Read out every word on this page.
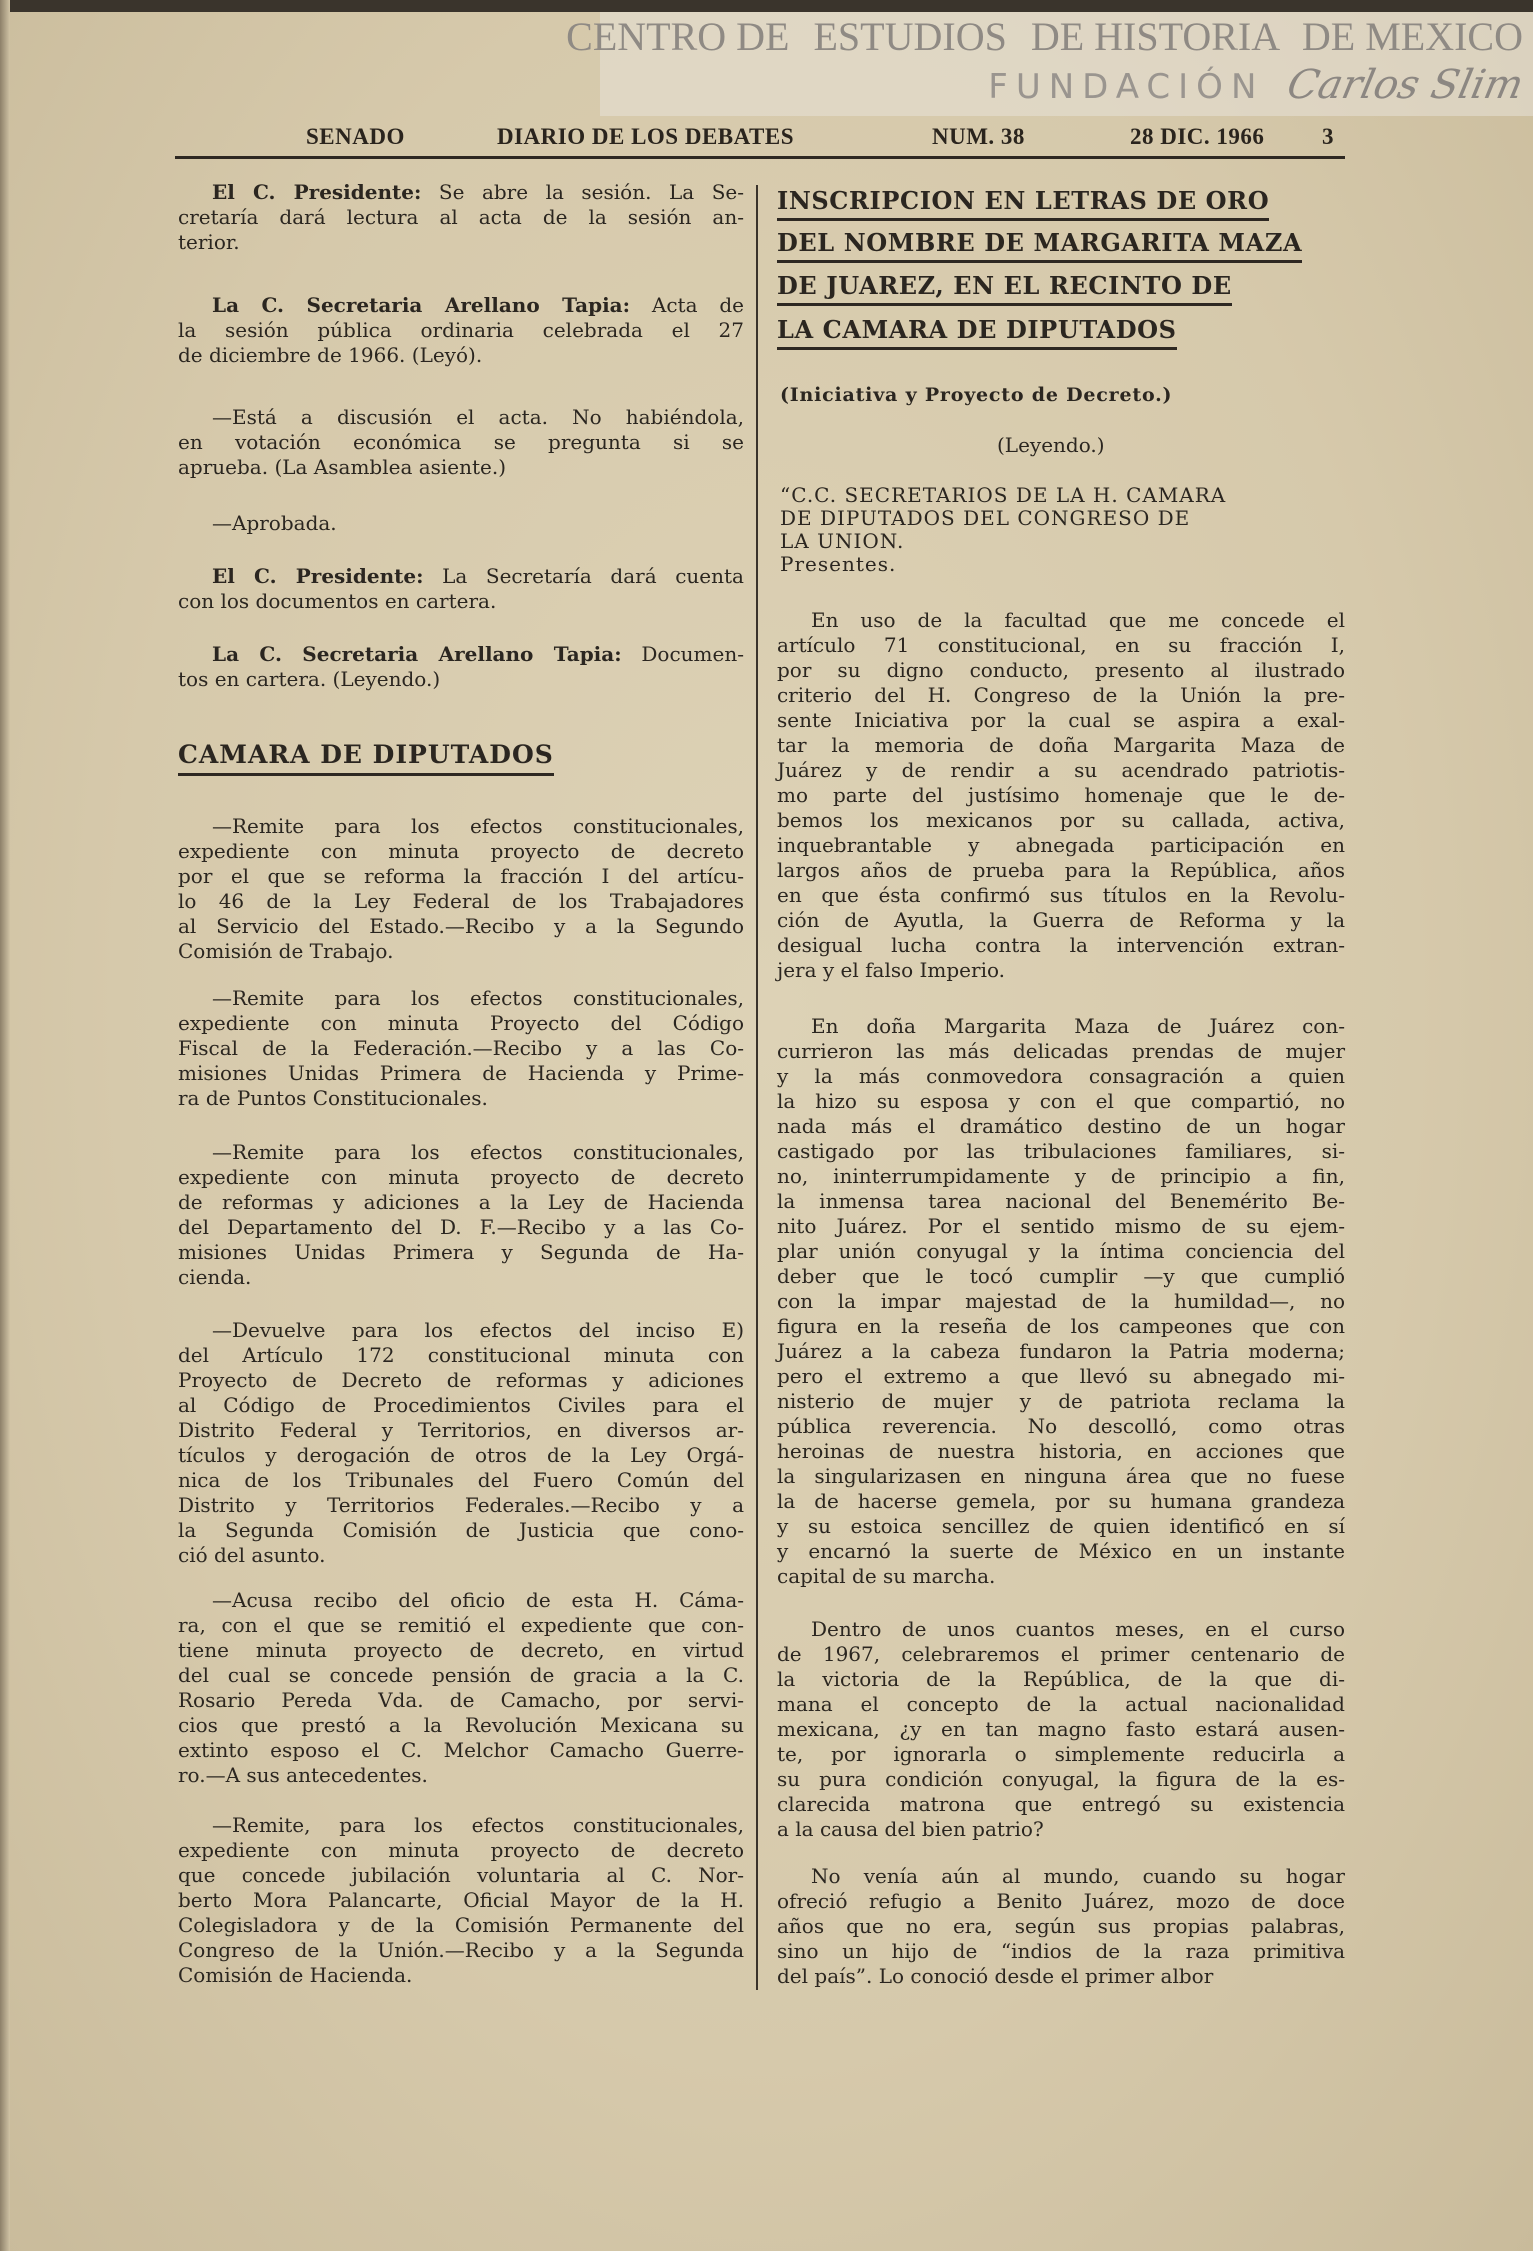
CENTRO DE ESTUDIOS DE HISTORIA DE MEXICO
FUNDACIÓN Carlos Slim
SENADO	DIARIO DE LOS DEBATES	NUM. 38	28 DIC. 1966	3
CAMARA DE DIPUTADOS
El C. Presidente: Se abre la sesión. La Se-
cretaría dará lectura al acta de la sesión an-
terior.
La C. Secretaria Arellano Tapia: Acta de
la sesión pública ordinaria celebrada el 27
de diciembre de 1966. (Leyó).
—Está a discusión el acta. No habiéndola,
en votación económica se pregunta si se
aprueba. (La Asamblea asiente.)
—Aprobada.
El C. Presidente: La Secretaría dará cuenta
con los documentos en cartera.
La C. Secretaria Arellano Tapia: Documen-
tos en cartera. (Leyendo.)
—Remite para los efectos constitucionales,
expediente con minuta proyecto de decreto
por el que se reforma la fracción I del artícu-
lo 46 de la Ley Federal de los Trabajadores
al Servicio del Estado.—Recibo y a la Segundo
Comisión de Trabajo.
—Remite para los efectos constitucionales,
expediente con minuta Proyecto del Código
Fiscal de la Federación.—Recibo y a las Co-
misiones Unidas Primera de Hacienda y Prime-
ra de Puntos Constitucionales.
—Remite para los efectos constitucionales,
expediente con minuta proyecto de decreto
de reformas y adiciones a la Ley de Hacienda
del Departamento del D. F.—Recibo y a las Co-
misiones Unidas Primera y Segunda de Ha-
cienda.
—Devuelve para los efectos del inciso E)
del Artículo 172 constitucional minuta con
Proyecto de Decreto de reformas y adiciones
al Código de Procedimientos Civiles para el
Distrito Federal y Territorios, en diversos ar-
tículos y derogación de otros de la Ley Orgá-
nica de los Tribunales del Fuero Común del
Distrito y Territorios Federales.—Recibo y a
la Segunda Comisión de Justicia que cono-
ció del asunto.
—Acusa recibo del oficio de esta H. Cáma-
ra, con el que se remitió el expediente que con-
tiene minuta proyecto de decreto, en virtud
del cual se concede pensión de gracia a la C.
Rosario Pereda Vda. de Camacho, por servi-
cios que prestó a la Revolución Mexicana su
extinto esposo el C. Melchor Camacho Guerre-
ro.—A sus antecedentes.
—Remite, para los efectos constitucionales,
expediente con minuta proyecto de decreto
que concede jubilación voluntaria al C. Nor-
berto Mora Palancarte, Oficial Mayor de la H.
Colegisladora y de la Comisión Permanente del
Congreso de la Unión.—Recibo y a la Segunda
Comisión de Hacienda.
INSCRIPCION EN LETRAS DE ORO
DEL NOMBRE DE MARGARITA MAZA
DE JUAREZ, EN EL RECINTO DE
LA CAMARA DE DIPUTADOS
(Iniciativa y Proyecto de Decreto.)
(Leyendo.)
“C.C. SECRETARIOS DE LA H. CAMARA
DE DIPUTADOS DEL CONGRESO DE
LA UNION.
Presentes.
En uso de la facultad que me concede el
artículo 71 constitucional, en su fracción I,
por su digno conducto, presento al ilustrado
criterio del H. Congreso de la Unión la pre-
sente Iniciativa por la cual se aspira a exal-
tar la memoria de doña Margarita Maza de
Juárez y de rendir a su acendrado patriotis-
mo parte del justísimo homenaje que le de-
bemos los mexicanos por su callada, activa,
inquebrantable y abnegada participación en
largos años de prueba para la República, años
en que ésta confirmó sus títulos en la Revolu-
ción de Ayutla, la Guerra de Reforma y la
desigual lucha contra la intervención extran-
jera y el falso Imperio.
En doña Margarita Maza de Juárez con-
currieron las más delicadas prendas de mujer
y la más conmovedora consagración a quien
la hizo su esposa y con el que compartió, no
nada más el dramático destino de un hogar
castigado por las tribulaciones familiares, si-
no, ininterrumpidamente y de principio a fin,
la inmensa tarea nacional del Benemérito Be-
nito Juárez. Por el sentido mismo de su ejem-
plar unión conyugal y la íntima conciencia del
deber que le tocó cumplir —y que cumplió
con la impar majestad de la humildad—, no
figura en la reseña de los campeones que con
Juárez a la cabeza fundaron la Patria moderna;
pero el extremo a que llevó su abnegado mi-
nisterio de mujer y de patriota reclama la
pública reverencia. No descolló, como otras
heroinas de nuestra historia, en acciones que
la singularizasen en ninguna área que no fuese
la de hacerse gemela, por su humana grandeza
y su estoica sencillez de quien identificó en sí
y encarnó la suerte de México en un instante
capital de su marcha.
Dentro de unos cuantos meses, en el curso
de 1967, celebraremos el primer centenario de
la victoria de la República, de la que di-
mana el concepto de la actual nacionalidad
mexicana, ¿y en tan magno fasto estará ausen-
te, por ignorarla o simplemente reducirla a
su pura condición conyugal, la figura de la es-
clarecida matrona que entregó su existencia
a la causa del bien patrio?
No venía aún al mundo, cuando su hogar
ofreció refugio a Benito Juárez, mozo de doce
años que no era, según sus propias palabras,
sino un hijo de “indios de la raza primitiva
del país”. Lo conoció desde el primer albor
